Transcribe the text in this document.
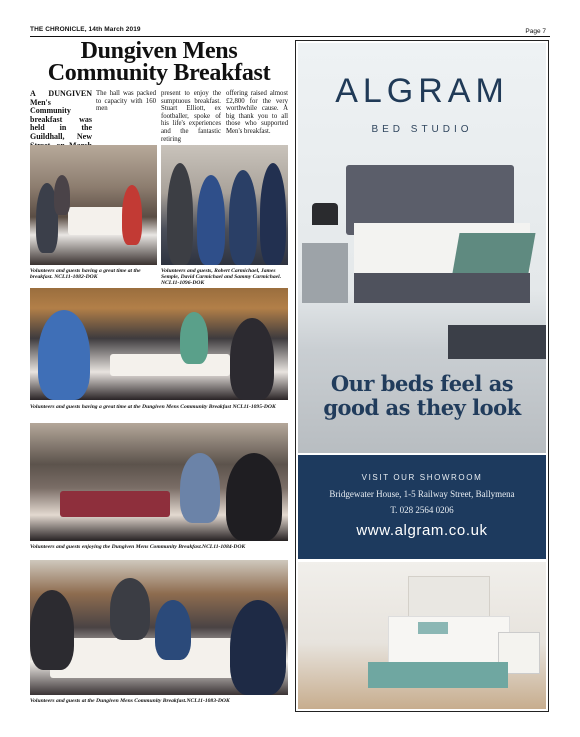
THE CHRONICLE, 14th March 2019	Page 7
Dungiven Mens Community Breakfast
A DUNGIVEN Men's Community breakfast was held in the Guildhall, New
The hall was packed to capacity with 160 men
present to enjoy the sumptuous breakfast. Stuart Elliott, ex footballer, spoke of his life's experiences and the fantastic retiring
offering raised almost £2,800 for the very worthwhile cause. A big thank you to all those who supported Men's breakfast.
Volunteers and guests having a great time at the breakfast. NCL11-1082-DOK
Volunteers and guests, Robert Carmichael, James Semple, David Carmichael and Sammy Carmichael. NCL11-1096-DOK
Volunteers and guests having a great time at the Dungiven Mens Community Breakfast NCL11-1095-DOK
Volunteers and guests enjoying the Dungiven Mens Community Breakfast.NCL11-1084-DOK
Volunteers and guests at the Dungiven Mens Community Breakfast.NCL11-1083-DOK
ALGRAM
BED STUDIO
Our beds feel as
good as they look
VISIT OUR SHOWROOM
Bridgewater House, 1-5 Railway Street, Ballymena
T. 028 2564 0206
www.algram.co.uk
